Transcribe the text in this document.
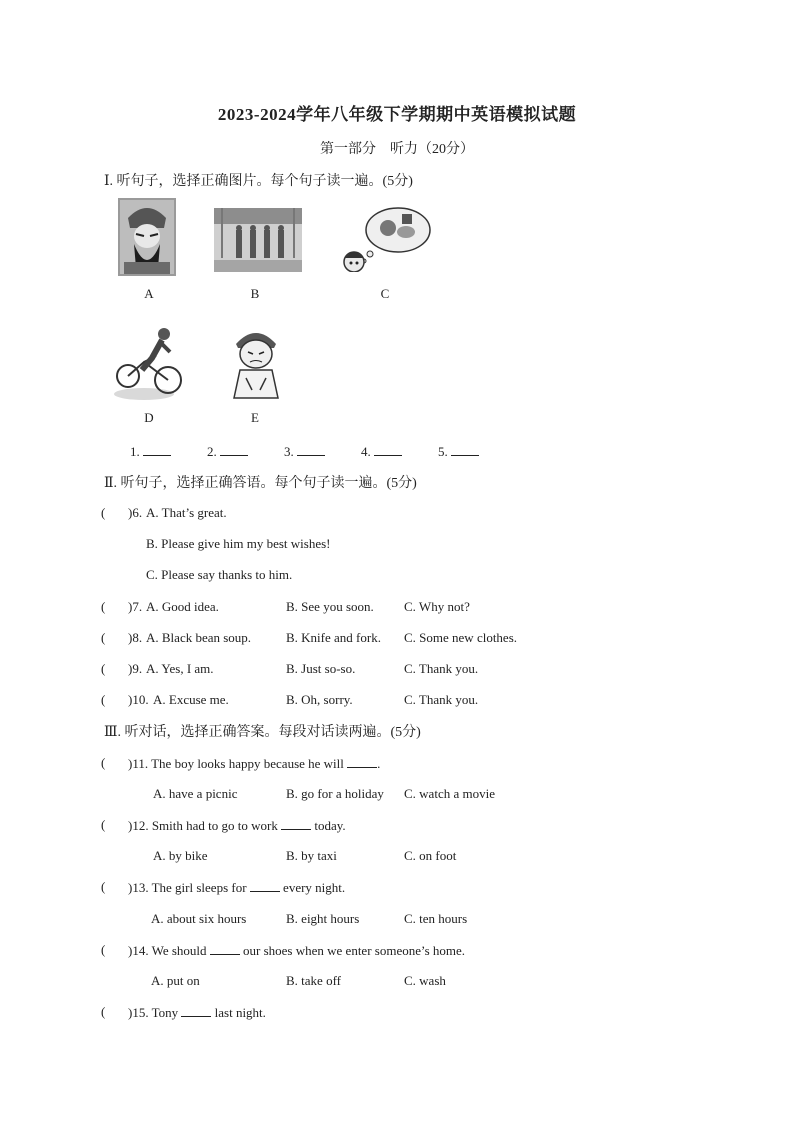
2023-2024学年八年级下学期期中英语模拟试题
第一部分　听力（20分）
Ⅰ. 听句子，选择正确图片。每个句子读一遍。(5分)
A	B	C
D	E
1.	2.	3.	4.	5.
Ⅱ. 听句子，选择正确答语。每个句子读一遍。(5分)
( )6. A. That’s great.
B. Please give him my best wishes!
C. Please say thanks to him.
( )7. A. Good idea.	B. See you soon. C. Why not?
( )8. A. Black bean soup.	B. Knife and fork. C. Some new clothes.
( )9. A. Yes, I am.	B. Just so-so.	C. Thank you.
( )10. A. Excuse me.	B. Oh, sorry.	C. Thank you.
Ⅲ. 听对话，选择正确答案。每段对话读两遍。(5分)
( )11. The boy looks happy because he will	.
A. have a picnic	B. go for a holiday C. watch a movie
( )12. Smith had to go to work	today.
A. by bike	B. by taxi	C. on foot
( )13. The girl sleeps for	every night.
A. about six hours	B. eight hours	C. ten hours
( )14. We should	our shoes when we enter someone’s home.
A. put on	B. take off	C. wash
( )15. Tony	last night.
